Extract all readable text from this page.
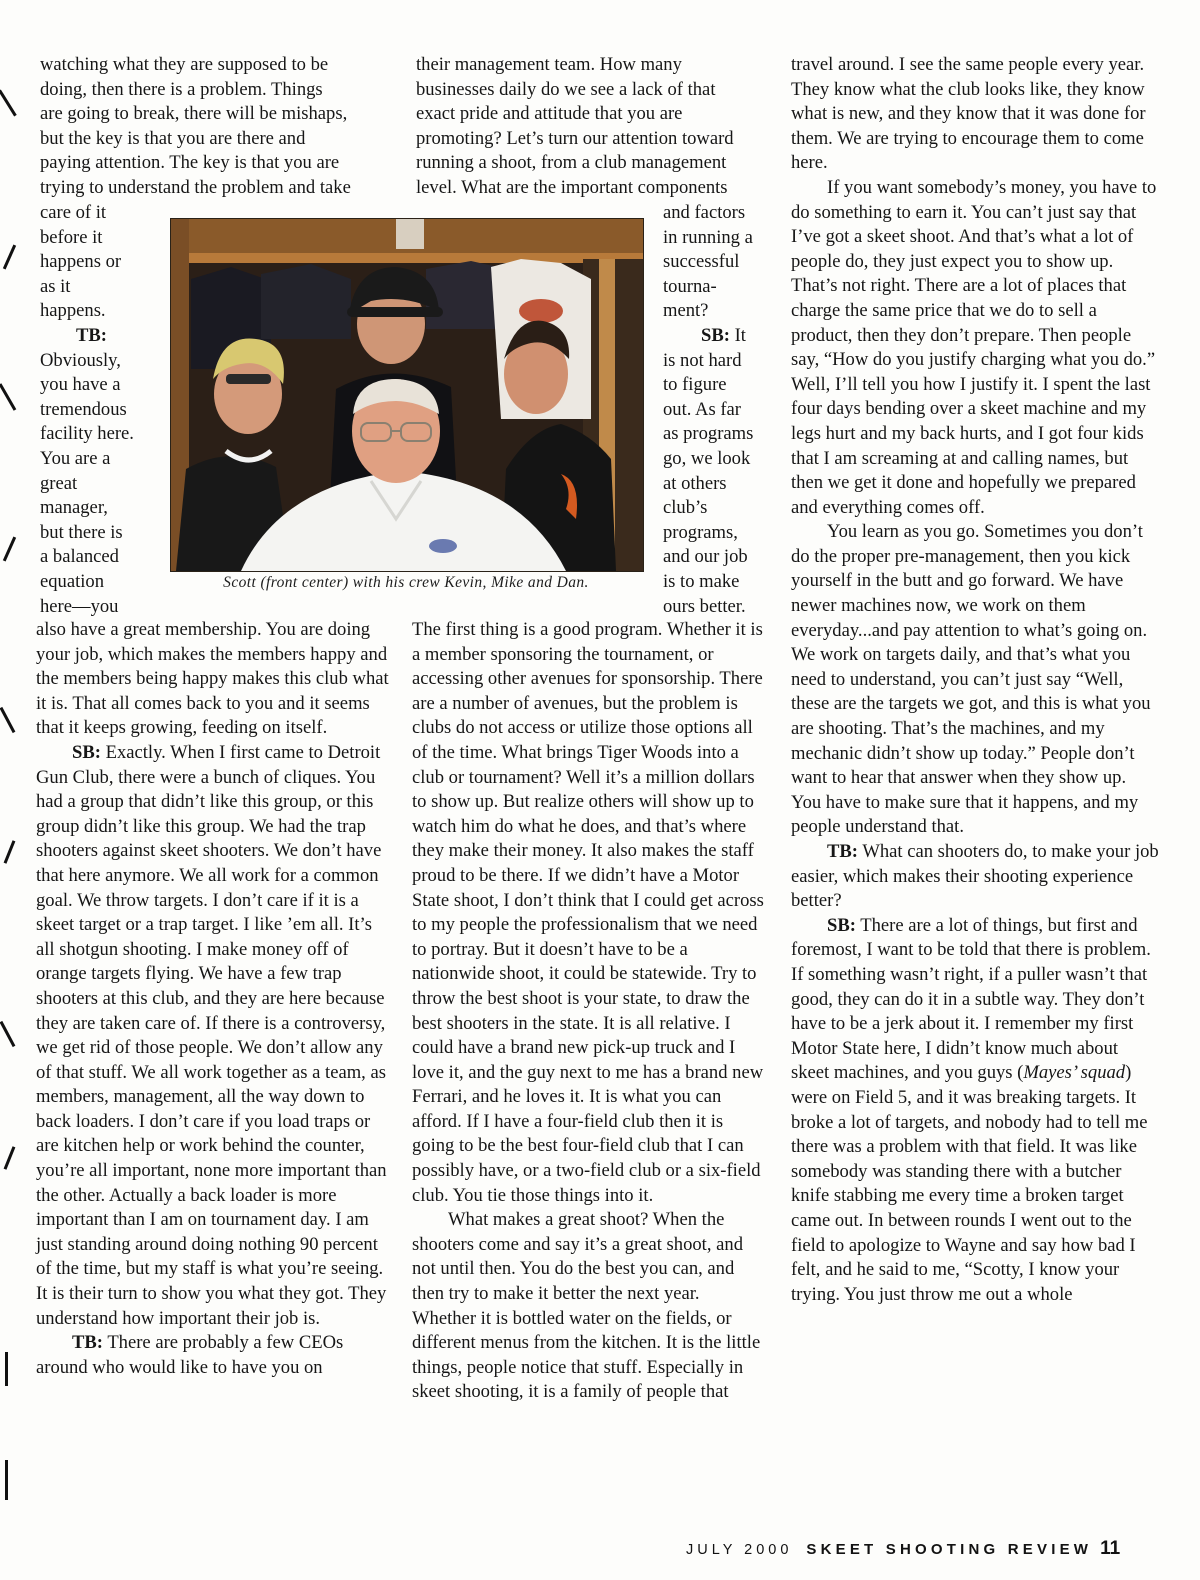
watching what they are supposed to be
doing, then there is a problem. Things
are going to break, there will be mishaps,
but the key is that you are there and
paying attention. The key is that you are
trying to understand the problem and take
care of it
before it
happens or
as it
happens.
TB:
Obviously,
you have a
tremendous
facility here.
You are a
great
manager,
but there is
a balanced
equation
here—you

also have a great membership. You are doing your job, which makes the members happy and the members being happy makes this club what it is. That all comes back to you and it seems that it keeps growing, feeding on itself.

SB: Exactly. When I first came to Detroit Gun Club, there were a bunch of cliques. You had a group that didn’t like this group, or this group didn’t like this group. We had the trap shooters against skeet shooters. We don’t have that here anymore. We all work for a common goal. We throw targets. I don’t care if it is a skeet target or a trap target. I like ’em all. It’s all shotgun shooting. I make money off of orange targets flying. We have a few trap shooters at this club, and they are here because they are taken care of. If there is a controversy, we get rid of those people. We don’t allow any of that stuff. We all work together as a team, as members, management, all the way down to back loaders. I don’t care if you load traps or are kitchen help or work behind the counter, you’re all important, none more important than the other. Actually a back loader is more important than I am on tournament day. I am just standing around doing nothing 90 percent of the time, but my staff is what you’re seeing. It is their turn to show you what they got. They understand how important their job is.

TB: There are probably a few CEOs around who would like to have you on

their management team. How many
businesses daily do we see a lack of that
exact pride and attitude that you are
promoting? Let’s turn our attention toward
running a shoot, from a club management
level. What are the important components
and factors
in running a
successful
tourna-
ment?
SB: It
is not hard
to figure
out. As far
as programs
go, we look
at others
club’s
programs,
and our job
is to make
ours better.

The first thing is a good program. Whether it is a member sponsoring the tournament, or accessing other avenues for sponsorship. There are a number of avenues, but the problem is clubs do not access or utilize those options all of the time. What brings Tiger Woods into a club or tournament? Well it’s a million dollars to show up. But realize others will show up to watch him do what he does, and that’s where they make their money. It also makes the staff proud to be there. If we didn’t have a Motor State shoot, I don’t think that I could get across to my people the professionalism that we need to portray. But it doesn’t have to be a nationwide shoot, it could be statewide. Try to throw the best shoot is your state, to draw the best shooters in the state. It is all relative. I could have a brand new pick-up truck and I love it, and the guy next to me has a brand new Ferrari, and he loves it. It is what you can afford. If I have a four-field club then it is going to be the best four-field club that I can possibly have, or a two-field club or a six-field club. You tie those things into it.

What makes a great shoot? When the shooters come and say it’s a great shoot, and not until then. You do the best you can, and then try to make it better the next year. Whether it is bottled water on the fields, or different menus from the kitchen. It is the little things, people notice that stuff. Especially in skeet shooting, it is a family of people that

travel around. I see the same people every year. They know what the club looks like, they know what is new, and they know that it was done for them. We are trying to encourage them to come here.

If you want somebody’s money, you have to do something to earn it. You can’t just say that I’ve got a skeet shoot. And that’s what a lot of people do, they just expect you to show up. That’s not right. There are a lot of places that charge the same price that we do to sell a product, then they don’t prepare. Then people say, “How do you justify charging what you do.” Well, I’ll tell you how I justify it. I spent the last four days bending over a skeet machine and my legs hurt and my back hurts, and I got four kids that I am screaming at and calling names, but then we get it done and hopefully we prepared and everything comes off.

You learn as you go. Sometimes you don’t do the proper pre-management, then you kick yourself in the butt and go forward. We have newer machines now, we work on them everyday...and pay attention to what’s going on. We work on targets daily, and that’s what you need to understand, you can’t just say “Well, these are the targets we got, and this is what you are shooting. That’s the machines, and my mechanic didn’t show up today.” People don’t want to hear that answer when they show up. You have to make sure that it happens, and my people understand that.

TB: What can shooters do, to make your job easier, which makes their shooting experience better?

SB: There are a lot of things, but first and foremost, I want to be told that there is problem. If something wasn’t right, if a puller wasn’t that good, they can do it in a subtle way. They don’t have to be a jerk about it. I remember my first Motor State here, I didn’t know much about skeet machines, and you guys (Mayes’ squad) were on Field 5, and it was breaking targets. It broke a lot of targets, and nobody had to tell me there was a problem with that field. It was like somebody was standing there with a butcher knife stabbing me every time a broken target came out. In between rounds I went out to the field to apologize to Wayne and say how bad I felt, and he said to me, “Scotty, I know your trying. You just throw me out a whole

Scott (front center) with his crew Kevin, Mike and Dan.
JULY 2000 SKEET SHOOTING REVIEW 11
